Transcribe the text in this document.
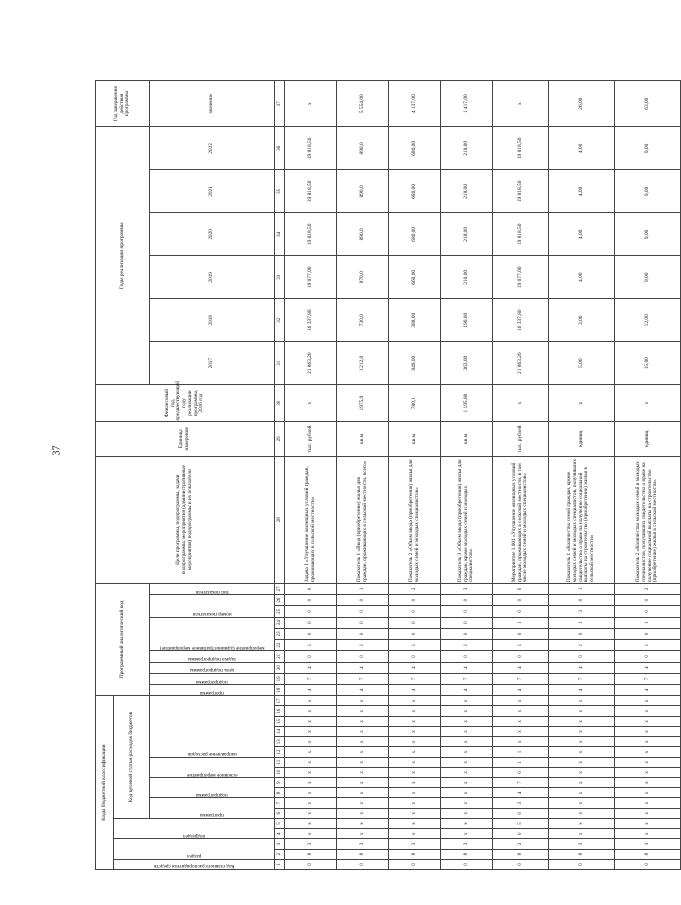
37
Коды бюджетной классификации																	Программный аналитический код										Цели программы, подпрограммы, задачи подпрограммы, мероприятия (административные мероприятия) подпрограммы и их показатели	Единица измерения	Финансовый год, предшествующий году реализации программы, 2016 год	Годы реализации программы						Год завершения действия программы

Код главного распорядителя средств	раздел		подраздел		Код целевой статьи расходов бюджетов																															

					программа		подпрограмма		основное мероприятие		направление расходов						программа	подпрограмма	цель подпрограммы	задача подпрограммы	мероприятие (административное мероприятие)			номер показателя		тип показателя				2017	2018	2019	2020	2021	2022	значение
1	2	3	4	5	6	7	8	9	10	11	12	13	14	15	16	17	18	19	20	21	22	23	24	25	26	27	28	29	30	31	32	33	34	35	36	37
0	8	3	х	х	х	х	х	х	х	х	х	х	х	х	х	х	4	7	4	0	1	0	0	0	0	0	Задача 1 «Улучшение жилищных условий граждан, проживающих в сельской местности»	тыс. рублей	х	21 863,20	16 337,80	19 077,00	19 818,50	19 818,50	19 818,50	х
0	8	3	х	х	х	х	х	х	х	х	х	х	х	х	х	х	4	7	4	0	1	0	0	0	0	1	Показатель 1 «Ввод (приобретение) жилья для граждан, проживающих в сельской местности, всего»	кв.м	1975,9	1212,0	730,0	870,0	890,0	890,0	890,0	5 554,00
0	8	3	х	х	х	х	х	х	х	х	х	х	х	х	х	х	4	7	4	0	1	0	0	0	0	2	Показатель 2 «Объем ввода (приобретения) жилья для молодых семей и молодых специалистов»	кв.м	780,1	849,00	388,00	660,00	680,00	680,00	680,00	4 137,00
0	8	3	х	х	х	х	х	х	х	х	х	х	х	х	х	х	4	7	4	0	1	0	0	0	0	3	Показатель 3 «Объем ввода (приобретения) жилья для граждан, кроме молодых семей и молодых специалистов»	кв.м	1 195,80	363,00	190,00	210,00	218,00	218,00	218,00	1 417,00
0	8	3	0	5	0	3	4	7	0	1	1	х	х	х	х	х	4	7	4	0	1	0	1	0	0	0	Мероприятие 1.001 «Улучшение жилищных условий граждан, проживающих в сельской местности, в том числе молодых семей и молодых специалистов»	тыс. рублей	х	21 863,20	16 337,80	19 077,00	19 818,50	19 818,50	19 818,50	х
0	8	3	х	х	х	х	х	х	х	х	х	х	х	х	х	х	4	7	4	0	1	0	1	3	0	1	Показатель 1 «Количество семей граждан, кроме молодых семей и молодых специалистов, получивших свидетельство о праве на получение социальной выплаты на строительство (приобретение) жилья в сельской местности»	единиц	х	5,00	3,00	4,00	4,00	4,00	4,00	26,00
0	8	3	х	х	х	х	х	х	х	х	х	х	х	х	х	х	4	7	4	0	1	0	1	0	0	2	Показатель 2 «Количество молодых семей и молодых специалистов, получивших свидетельство о праве на получение социальной выплаты на строительство (приобретение) жилья в сельской местности»	единиц	х	15,00	12,00	9,00	9,00	9,00	9,00	63,00
